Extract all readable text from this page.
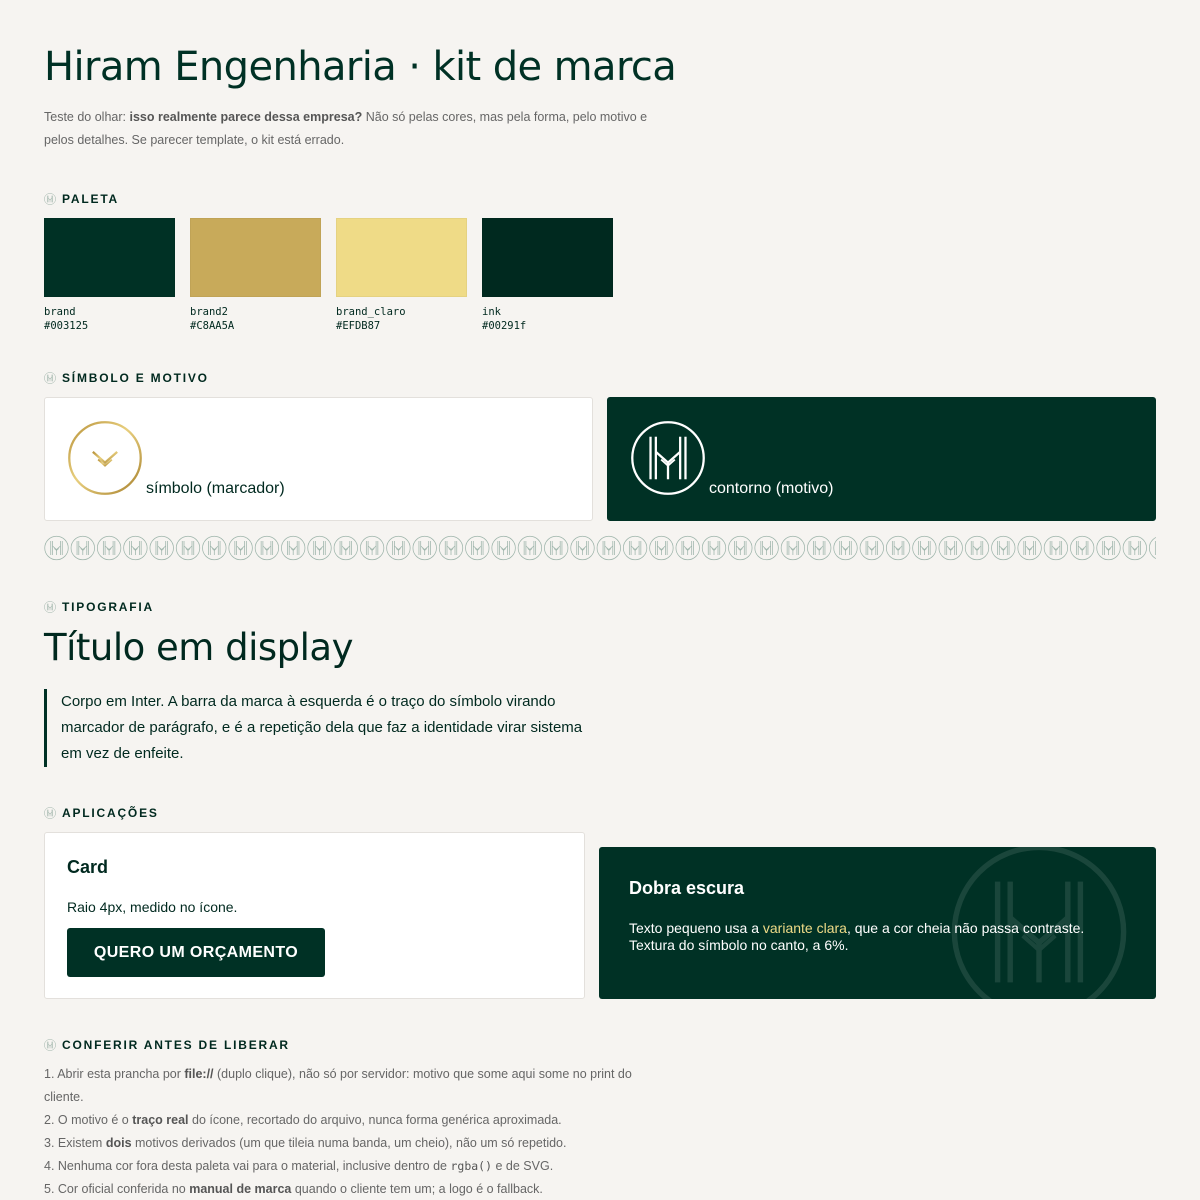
Hiram Engenharia · kit de marca

Teste do olhar: isso realmente parece dessa empresa? Não só pelas cores, mas pela forma, pelo motivo e pelos detalhes. Se parecer template, o kit está errado.

PALETA
brand
#003125
brand2
#C8AA5A
brand_claro
#EFDB87
ink
#00291f
SÍMBOLO E MOTIVO
símbolo (marcador)	contorno (motivo)
TIPOGRAFIA
Título em display

Corpo em Inter. A barra da marca à esquerda é o traço do símbolo virando marcador de parágrafo, e é a repetição dela que faz a identidade virar sistema em vez de enfeite.

APLICAÇÕES
Card
Raio 4px, medido no ícone.
QUERO UM ORÇAMENTO
Dobra escura
Texto pequeno usa a variante clara, que a cor cheia não passa contraste. Textura do símbolo no canto, a 6%.
CONFERIR ANTES DE LIBERAR
1. Abrir esta prancha por file:// (duplo clique), não só por servidor: motivo que some aqui some no print do cliente.
2. O motivo é o traço real do ícone, recortado do arquivo, nunca forma genérica aproximada.
3. Existem dois motivos derivados (um que tileia numa banda, um cheio), não um só repetido.
4. Nenhuma cor fora desta paleta vai para o material, inclusive dentro de rgba() e de SVG.
5. Cor oficial conferida no manual de marca quando o cliente tem um; a logo é o fallback.
